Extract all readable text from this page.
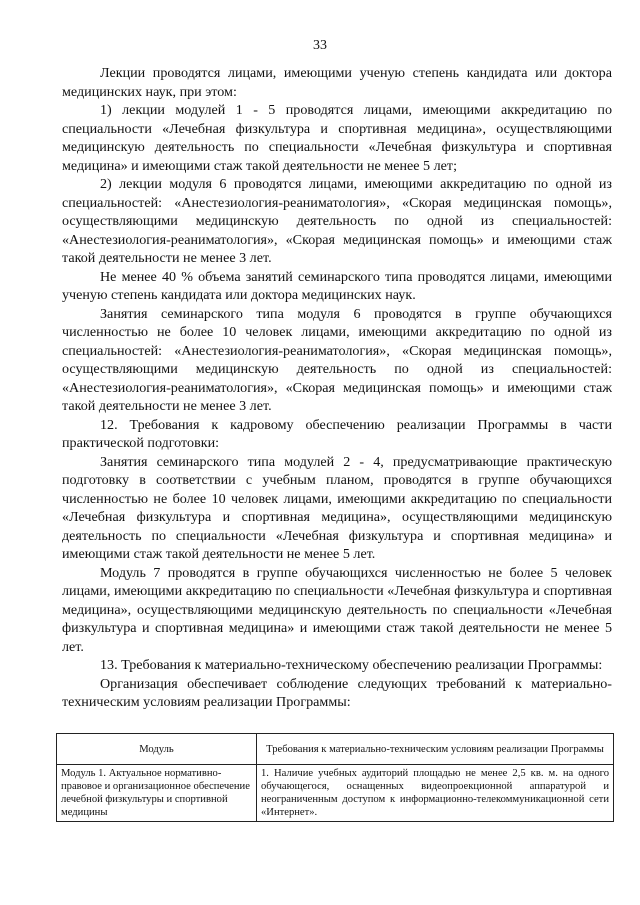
33

Лекции проводятся лицами, имеющими ученую степень кандидата или доктора медицинских наук, при этом:

1) лекции модулей 1 - 5 проводятся лицами, имеющими аккредитацию по специальности «Лечебная физкультура и спортивная медицина», осуществляющими медицинскую деятельность по специальности «Лечебная физкультура и спортивная медицина» и имеющими стаж такой деятельности не менее 5 лет;

2) лекции модуля 6 проводятся лицами, имеющими аккредитацию по одной из специальностей: «Анестезиология-реаниматология», «Скорая медицинская помощь», осуществляющими медицинскую деятельность по одной из специальностей: «Анестезиология-реаниматология», «Скорая медицинская помощь» и имеющими стаж такой деятельности не менее 3 лет.

Не менее 40 % объема занятий семинарского типа проводятся лицами, имеющими ученую степень кандидата или доктора медицинских наук.

Занятия семинарского типа модуля 6 проводятся в группе обучающихся численностью не более 10 человек лицами, имеющими аккредитацию по одной из специальностей: «Анестезиология-реаниматология», «Скорая медицинская помощь», осуществляющими медицинскую деятельность по одной из специальностей: «Анестезиология-реаниматология», «Скорая медицинская помощь» и имеющими стаж такой деятельности не менее 3 лет.

12. Требования к кадровому обеспечению реализации Программы в части практической подготовки:

Занятия семинарского типа модулей 2 - 4, предусматривающие практическую подготовку в соответствии с учебным планом, проводятся в группе обучающихся численностью не более 10 человек лицами, имеющими аккредитацию по специальности «Лечебная физкультура и спортивная медицина», осуществляющими медицинскую деятельность по специальности «Лечебная физкультура и спортивная медицина» и имеющими стаж такой деятельности не менее 5 лет.

Модуль 7 проводятся в группе обучающихся численностью не более 5 человек лицами, имеющими аккредитацию по специальности «Лечебная физкультура и спортивная медицина», осуществляющими медицинскую деятельность по специальности «Лечебная физкультура и спортивная медицина» и имеющими стаж такой деятельности не менее 5 лет.

13. Требования к материально-техническому обеспечению реализации Программы:

Организация обеспечивает соблюдение следующих требований к материально-техническим условиям реализации Программы:

Модуль	Требования к материально-техническим условиям реализации Программы
Модуль 1. Актуальное нормативно-правовое и организационное обеспечение лечебной физкультуры и спортивной медицины	1. Наличие учебных аудиторий площадью не менее 2,5 кв. м. на одного обучающегося, оснащенных видеопроекционной аппаратурой и неограниченным доступом к информационно-телекоммуникационной сети «Интернет».
